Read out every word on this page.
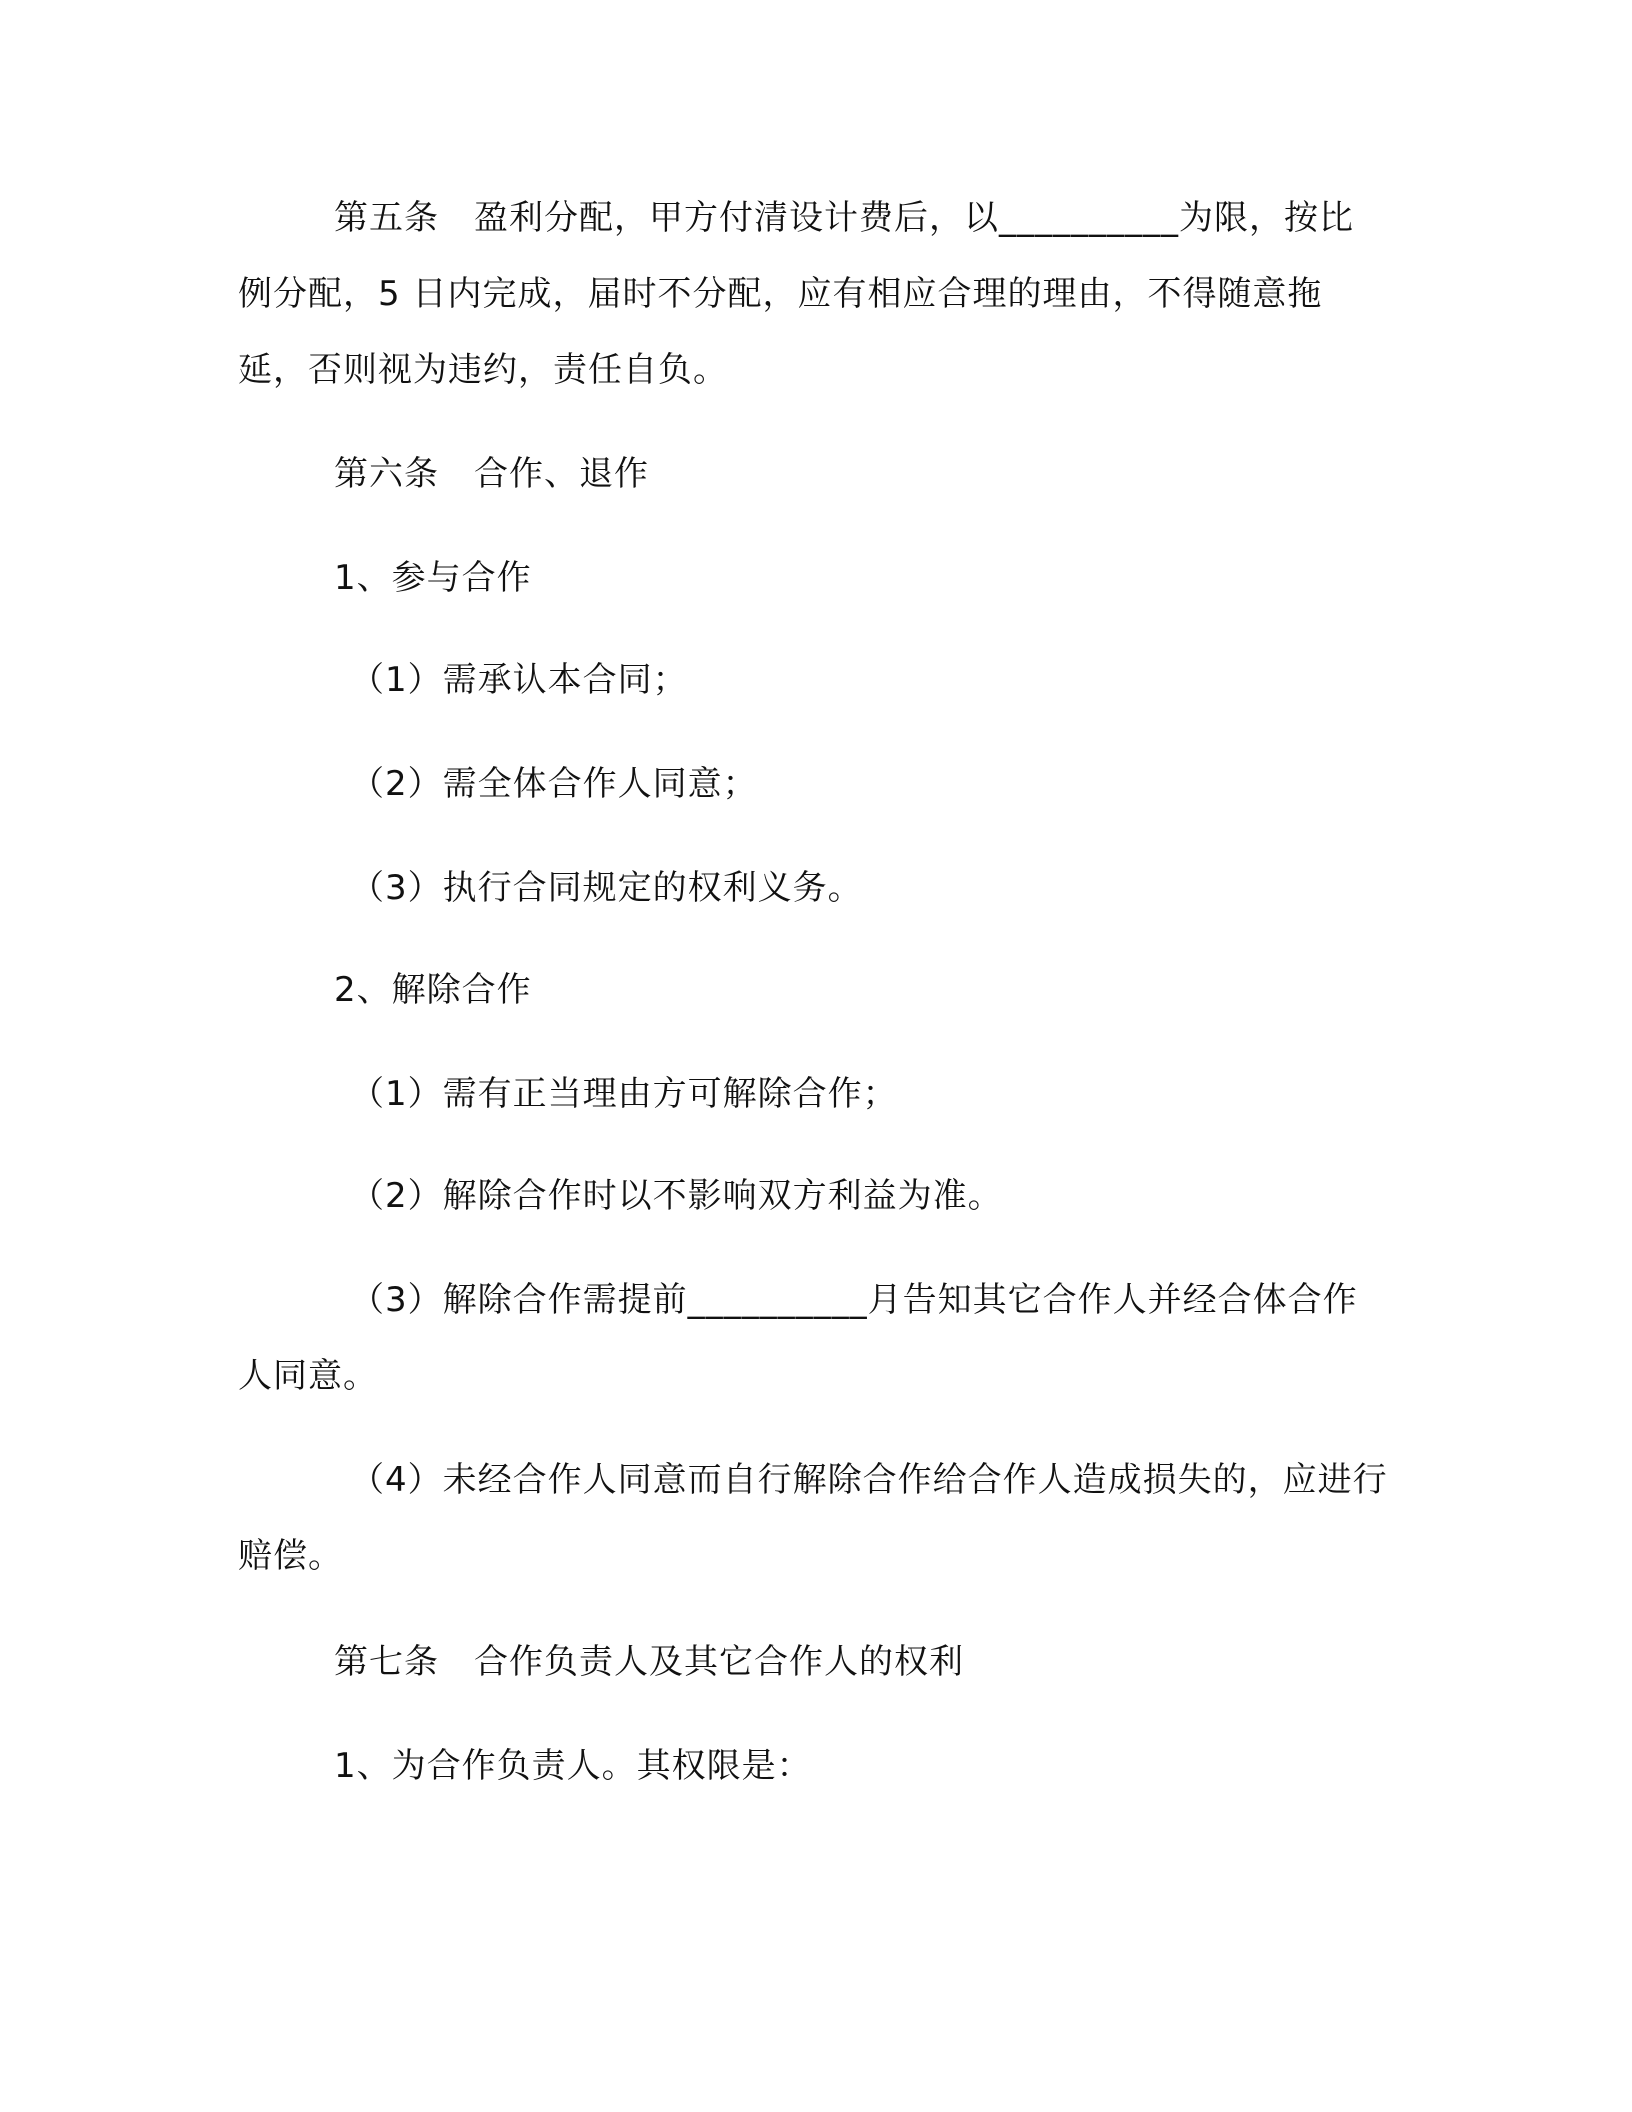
第五条　盈利分配，甲方付清设计费后，以__________为限，按比例分配，5 日内完成，届时不分配，应有相应合理的理由，不得随意拖延，否则视为违约，责任自负。

第六条　合作、退作

1、参与合作

（1）需承认本合同；

（2）需全体合作人同意；

（3）执行合同规定的权利义务。

2、解除合作

（1）需有正当理由方可解除合作；

（2）解除合作时以不影响双方利益为准。

（3）解除合作需提前__________月告知其它合作人并经合体合作人同意。

（4）未经合作人同意而自行解除合作给合作人造成损失的，应进行赔偿。

第七条　合作负责人及其它合作人的权利

1、为合作负责人。其权限是：
